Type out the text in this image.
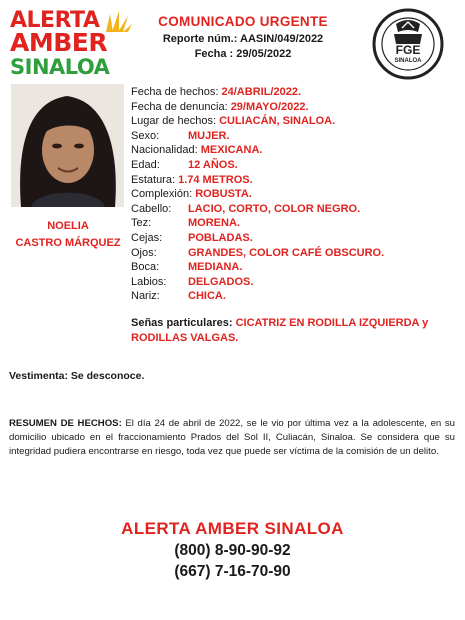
ALERTA
AMBER
SINALOA
COMUNICADO URGENTE
Reporte núm.: AASIN/049/2022
Fecha : 29/05/2022	FGE
SINALOA
NOELIA
CASTRO MÁRQUEZ
Fecha de hechos: 24/ABRIL/2022.
Fecha de denuncia: 29/MAYO/2022.
Lugar de hechos: CULIACÁN, SINALOA.
Sexo:	MUJER.
Nacionalidad: MEXICANA.
Edad:	12 AÑOS.
Estatura: 1.74 METROS.
Complexión: ROBUSTA.
Cabello: LACIO, CORTO, COLOR NEGRO.
Tez:	MORENA.
Cejas: POBLADAS.
Ojos:	GRANDES, COLOR CAFÉ OBSCURO.
Boca:	MEDIANA.
Labios: DELGADOS.
Nariz:	CHICA.
Señas particulares: CICATRIZ EN RODILLA IZQUIERDA y RODILLAS VALGAS.
Vestimenta: Se desconoce.
RESUMEN DE HECHOS: El día 24 de abril de 2022, se le vio por última vez a la adolescente, en su domicilio ubicado en el fraccionamiento Prados del Sol II, Culiacán, Sinaloa. Se considera que su integridad pudiera encontrarse en riesgo, toda vez que puede ser víctima de la comisión de un delito.
ALERTA AMBER SINALOA
(800) 8-90-90-92
(667) 7-16-70-90
